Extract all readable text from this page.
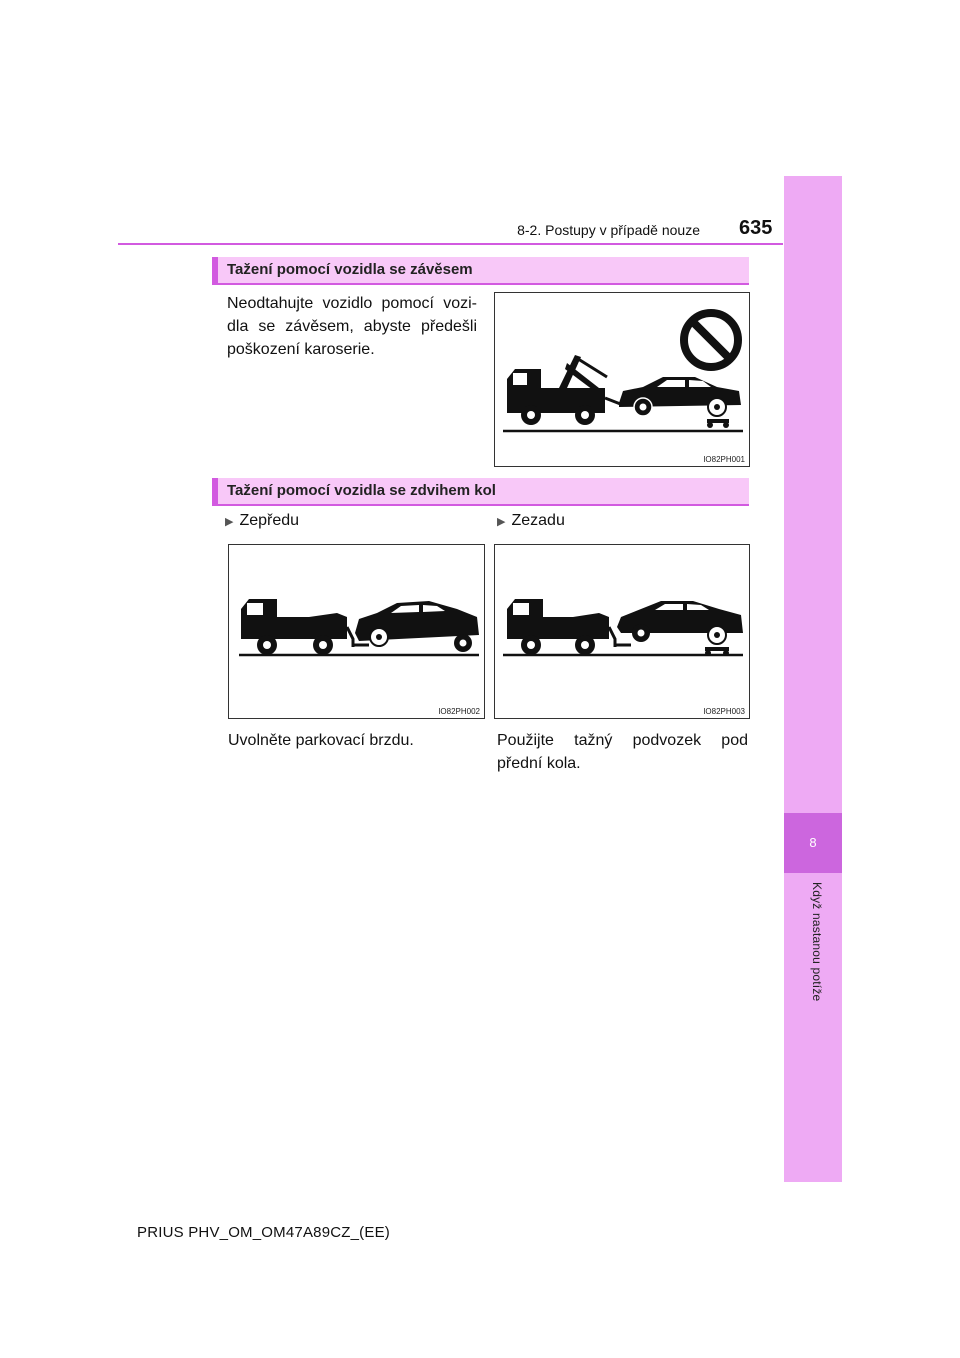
8-2. Postupy v případě nouze 635
8
Když nastanou potíže
Tažení pomocí vozidla se závěsem
Neodtahujte vozidlo pomocí vozidla se závěsem, abyste předešli poškození karoserie.
IO82PH001
Tažení pomocí vozidla se zdvihem kol
▶ Zepředu	▶ Zezadu
IO82PH002	IO82PH003
Uvolněte parkovací brzdu.	Použijte tažný podvozek pod přední kola.
PRIUS PHV_OM_OM47A89CZ_(EE)
